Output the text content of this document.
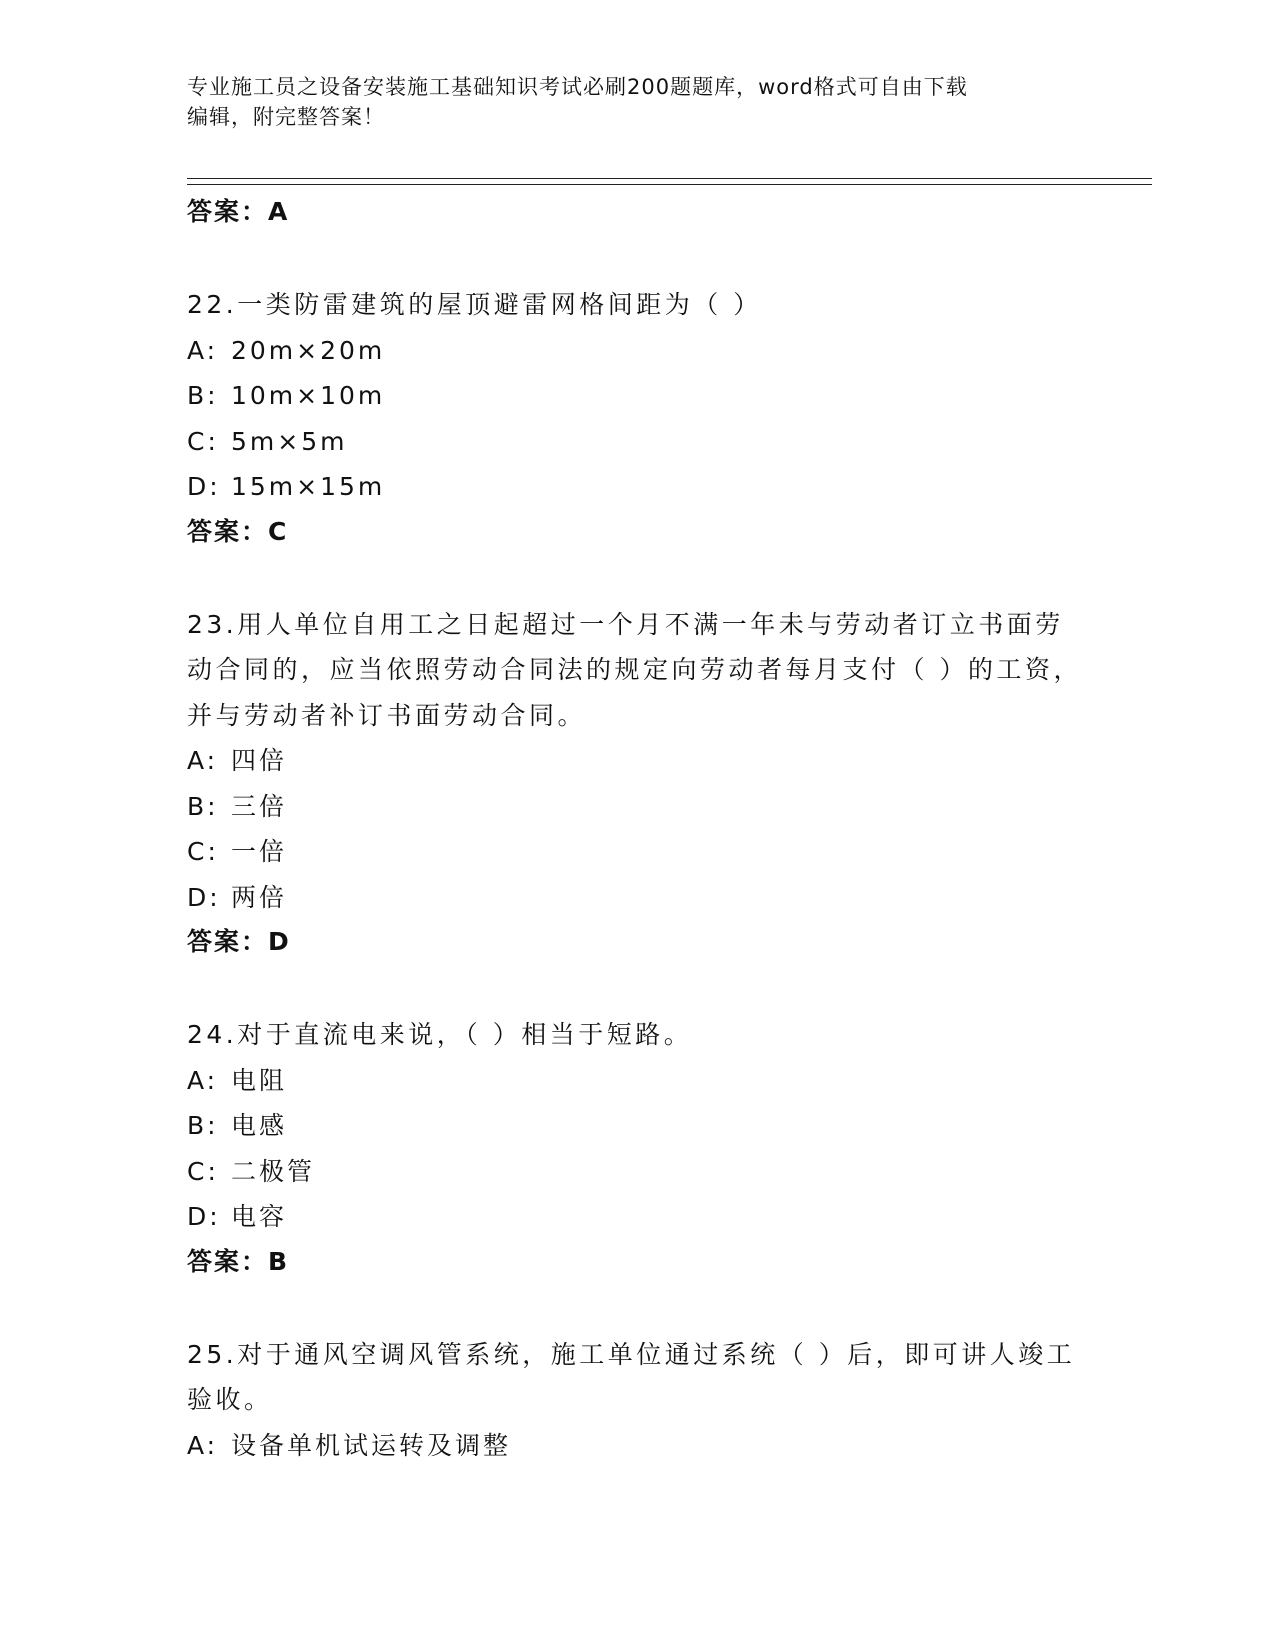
专业施工员之设备安装施工基础知识考试必刷200题题库，word格式可自由下载
编辑，附完整答案！
答案：A
22.一类防雷建筑的屋顶避雷网格间距为（ ）
A: 20m×20m
B: 10m×10m
C: 5m×5m
D: 15m×15m
答案：C
23.用人单位自用工之日起超过一个月不满一年未与劳动者订立书面劳动合同的，应当依照劳动合同法的规定向劳动者每月支付（ ）的工资，并与劳动者补订书面劳动合同。
A: 四倍
B: 三倍
C: 一倍
D: 两倍
答案：D
24.对于直流电来说，（ ）相当于短路。
A: 电阻
B: 电感
C: 二极管
D: 电容
答案：B
25.对于通风空调风管系统，施工单位通过系统（ ）后，即可讲人竣工验收。
A: 设备单机试运转及调整
